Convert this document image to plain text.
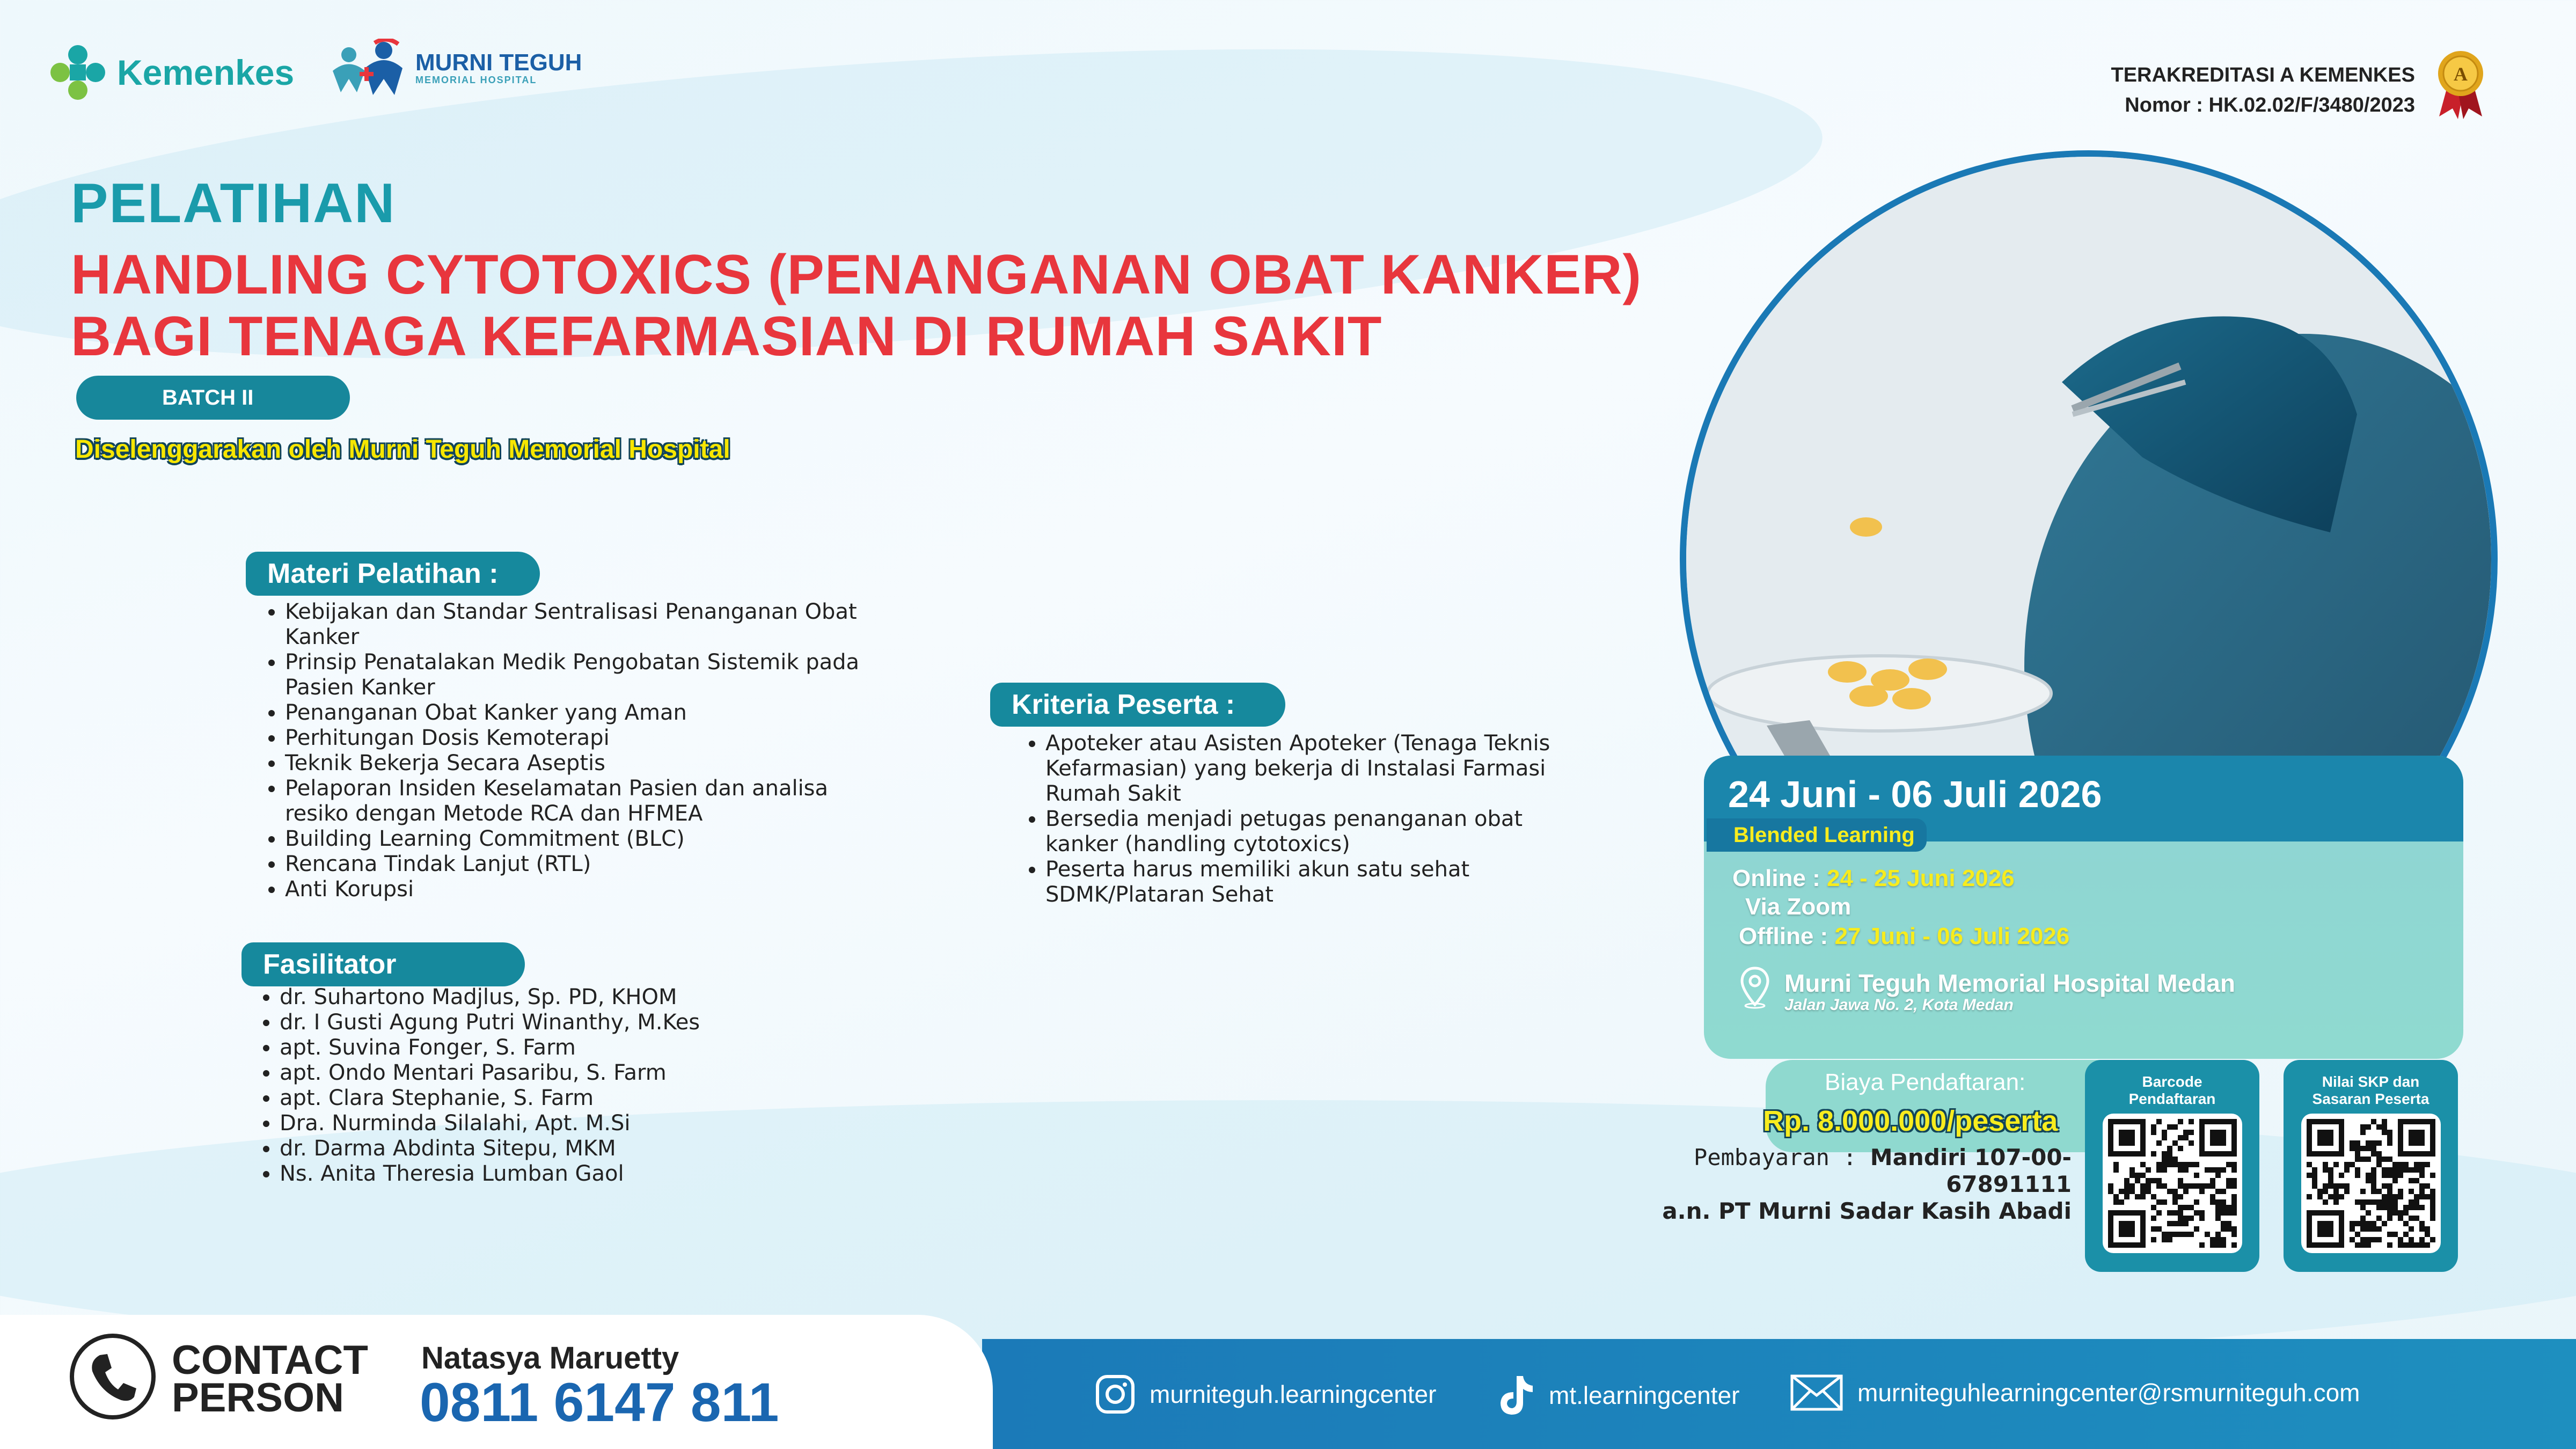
Kemenkes	MURNI TEGUH
MEMORIAL HOSPITAL	TERAKREDITASI A KEMENKES
Nomor : HK.02.02/F/3480/2023
A
PELATIHAN
HANDLING CYTOTOXICS (PENANGANAN OBAT KANKER)
BAGI TENAGA KEFARMASIAN DI RUMAH SAKIT
BATCH II
Diselenggarakan oleh Murni Teguh Memorial Hospital
Materi Pelatihan :
• Kebijakan dan Standar Sentralisasi Penanganan Obat Kanker
• Prinsip Penatalakan Medik Pengobatan Sistemik pada Pasien Kanker
• Penanganan Obat Kanker yang Aman
• Perhitungan Dosis Kemoterapi
• Teknik Bekerja Secara Aseptis
• Pelaporan Insiden Keselamatan Pasien dan analisa resiko dengan Metode RCA dan HFMEA
• Building Learning Commitment (BLC)
• Rencana Tindak Lanjut (RTL)
• Anti Korupsi
Fasilitator
• dr. Suhartono Madjlus, Sp. PD, KHOM
• dr. I Gusti Agung Putri Winanthy, M.Kes
• apt. Suvina Fonger, S. Farm
• apt. Ondo Mentari Pasaribu, S. Farm
• apt. Clara Stephanie, S. Farm
• Dra. Nurminda Silalahi, Apt. M.Si
• dr. Darma Abdinta Sitepu, MKM
• Ns. Anita Theresia Lumban Gaol
Kriteria Peserta :
• Apoteker atau Asisten Apoteker (Tenaga Teknis Kefarmasian) yang bekerja di Instalasi Farmasi Rumah Sakit
• Bersedia menjadi petugas penanganan obat kanker (handling cytotoxics)
• Peserta harus memiliki akun satu sehat SDMK/Plataran Sehat
24 Juni - 06 Juli 2026
Blended Learning
Online : 24 - 25 Juni 2026
Via Zoom
Offline : 27 Juni - 06 Juli 2026
Murni Teguh Memorial Hospital Medan
Jalan Jawa No. 2, Kota Medan
Biaya Pendaftaran:
Rp. 8.000.000/peserta
Pembayaran : Mandiri 107-00-67891111
a.n. PT Murni Sadar Kasih Abadi
Barcode
Pendaftaran
Nilai SKP dan
Sasaran Peserta
CONTACT
PERSON
Natasya Maruetty
0811 6147 811	murniteguh.learningcenter	mt.learningcenter	murniteguhlearningcenter@rsmurniteguh.com
